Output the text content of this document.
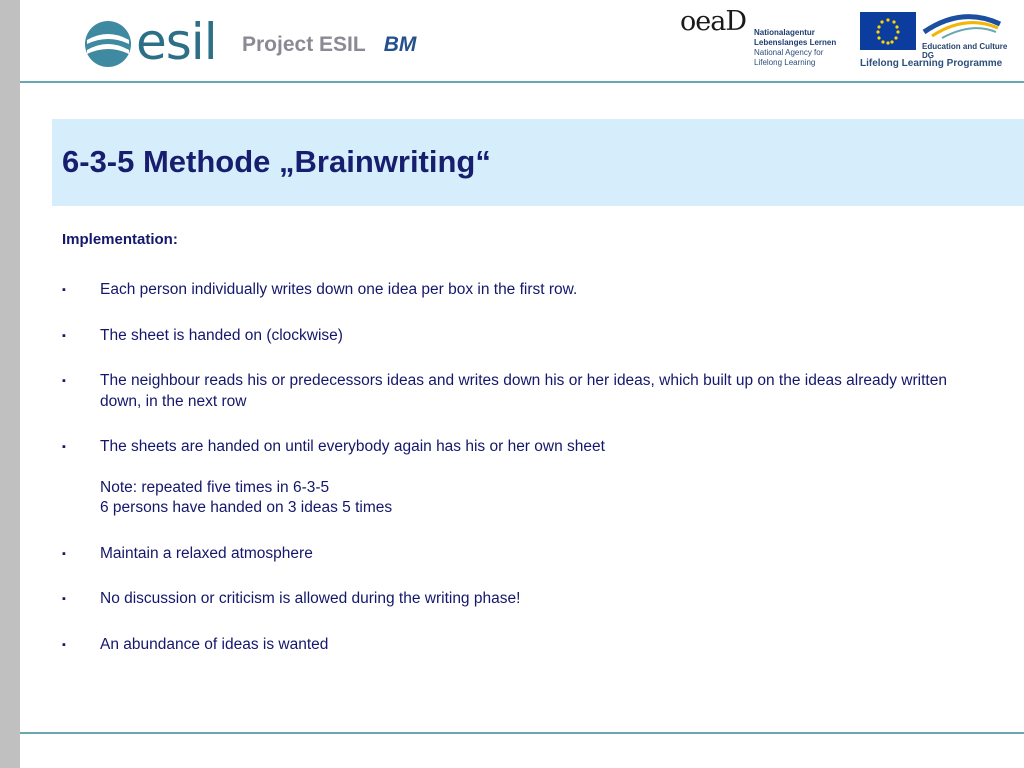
esil Project ESIL BM
oeaD Nationalagentur
Lebenslanges Lernen
National Agency for
Lifelong Learning
Education and Culture DG
Lifelong Learning Programme
6-3-5 Methode „Brainwriting“
Implementation:
▪ Each person individually writes down one idea per box in the first row.
▪ The sheet is handed on (clockwise)
▪ The neighbour reads his or predecessors ideas and writes down his or her ideas, which built up on the ideas already written down, in the next row
▪ The sheets are handed on until everybody again has his or her own sheet
Note: repeated five times in 6-3-5
6 persons have handed on 3 ideas 5 times
▪ Maintain a relaxed atmosphere
▪ No discussion or criticism is allowed during the writing phase!
▪ An abundance of ideas is wanted
